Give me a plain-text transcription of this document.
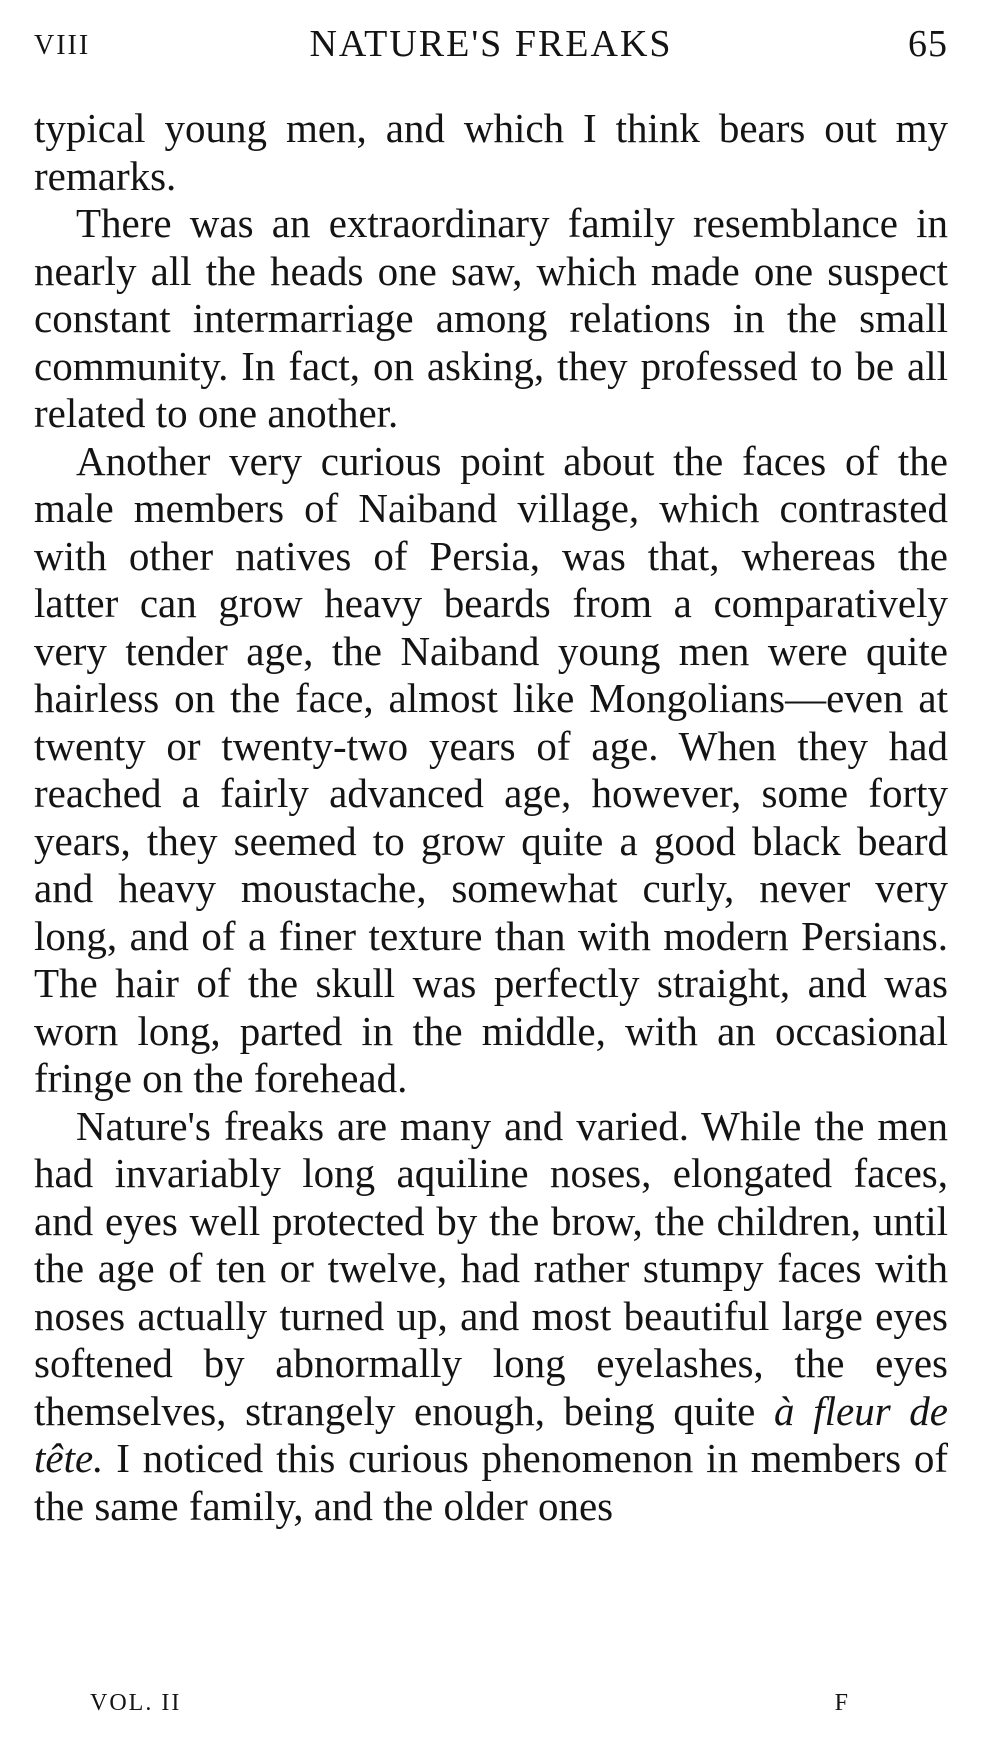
VIII	NATURE'S FREAKS	65

typical young men, and which I think bears out my remarks.

There was an extraordinary family resemblance in nearly all the heads one saw, which made one suspect constant intermarriage among relations in the small community. In fact, on asking, they professed to be all related to one another.

Another very curious point about the faces of the male members of Naiband village, which contrasted with other natives of Persia, was that, whereas the latter can grow heavy beards from a comparatively very tender age, the Naiband young men were quite hairless on the face, almost like Mongolians—even at twenty or twenty-two years of age. When they had reached a fairly advanced age, however, some forty years, they seemed to grow quite a good black beard and heavy moustache, somewhat curly, never very long, and of a finer texture than with modern Persians. The hair of the skull was perfectly straight, and was worn long, parted in the middle, with an occasional fringe on the forehead.

Nature's freaks are many and varied. While the men had invariably long aquiline noses, elongated faces, and eyes well protected by the brow, the children, until the age of ten or twelve, had rather stumpy faces with noses actually turned up, and most beautiful large eyes softened by abnormally long eyelashes, the eyes themselves, strangely enough, being quite à fleur de tête. I noticed this curious phenomenon in members of the same family, and the older ones

VOL. II	F
